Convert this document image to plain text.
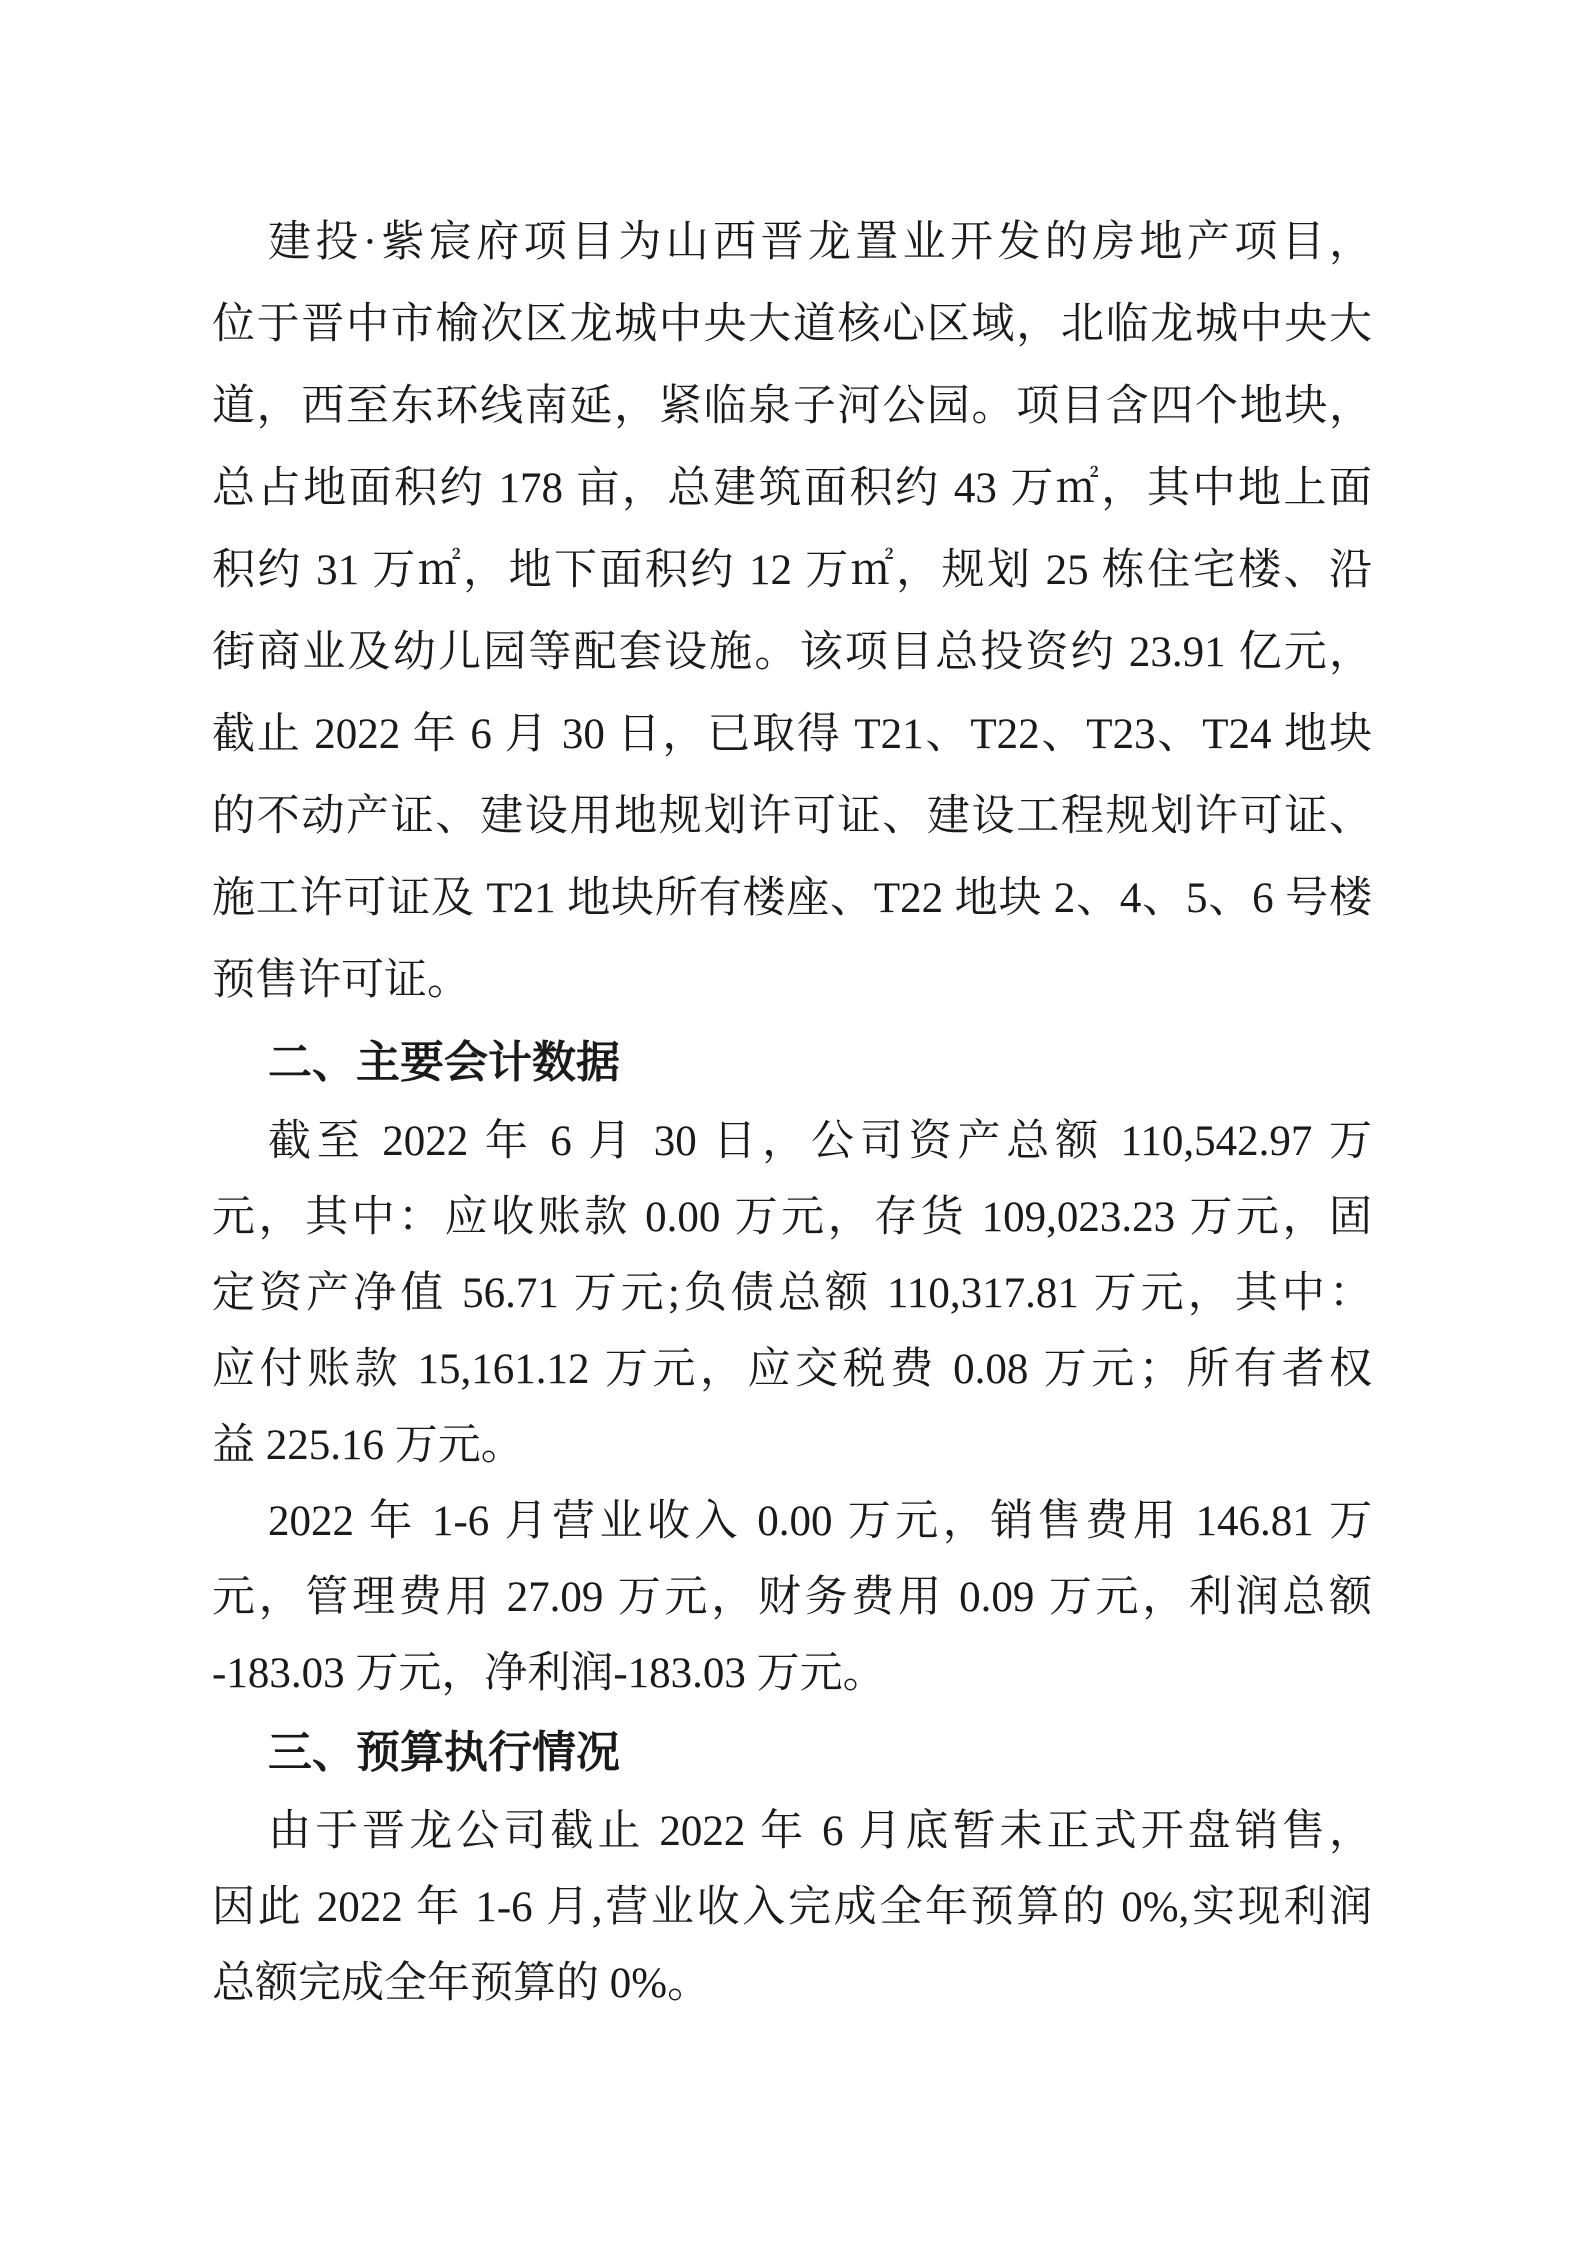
建投·紫宸府项目为山西晋龙置业开发的房地产项目，
位于晋中市榆次区龙城中央大道核心区域，北临龙城中央大
道，西至东环线南延，紧临泉子河公园。项目含四个地块，
总占地面积约 178 亩，总建筑面积约 43 万㎡，其中地上面
积约 31 万㎡，地下面积约 12 万㎡，规划 25 栋住宅楼、沿
街商业及幼儿园等配套设施。该项目总投资约 23.91 亿元，
截止 2022 年 6 月 30 日，已取得 T21、T22、T23、T24 地块
的不动产证、建设用地规划许可证、建设工程规划许可证、
施工许可证及 T21 地块所有楼座、T22 地块 2、4、5、6 号楼
预售许可证。
二、主要会计数据
截至 2022 年 6 月 30 日，公司资产总额 110,542.97 万
元，其中：应收账款 0.00 万元，存货 109,023.23 万元，固
定资产净值 56.71 万元;负债总额 110,317.81 万元，其中：
应付账款 15,161.12 万元，应交税费 0.08 万元；所有者权
益 225.16 万元。
2022 年 1-6 月营业收入 0.00 万元，销售费用 146.81 万
元，管理费用 27.09 万元，财务费用 0.09 万元，利润总额
-183.03 万元，净利润-183.03 万元。
三、预算执行情况
由于晋龙公司截止 2022 年 6 月底暂未正式开盘销售，
因此 2022 年 1-6 月,营业收入完成全年预算的 0%,实现利润
总额完成全年预算的 0%。
